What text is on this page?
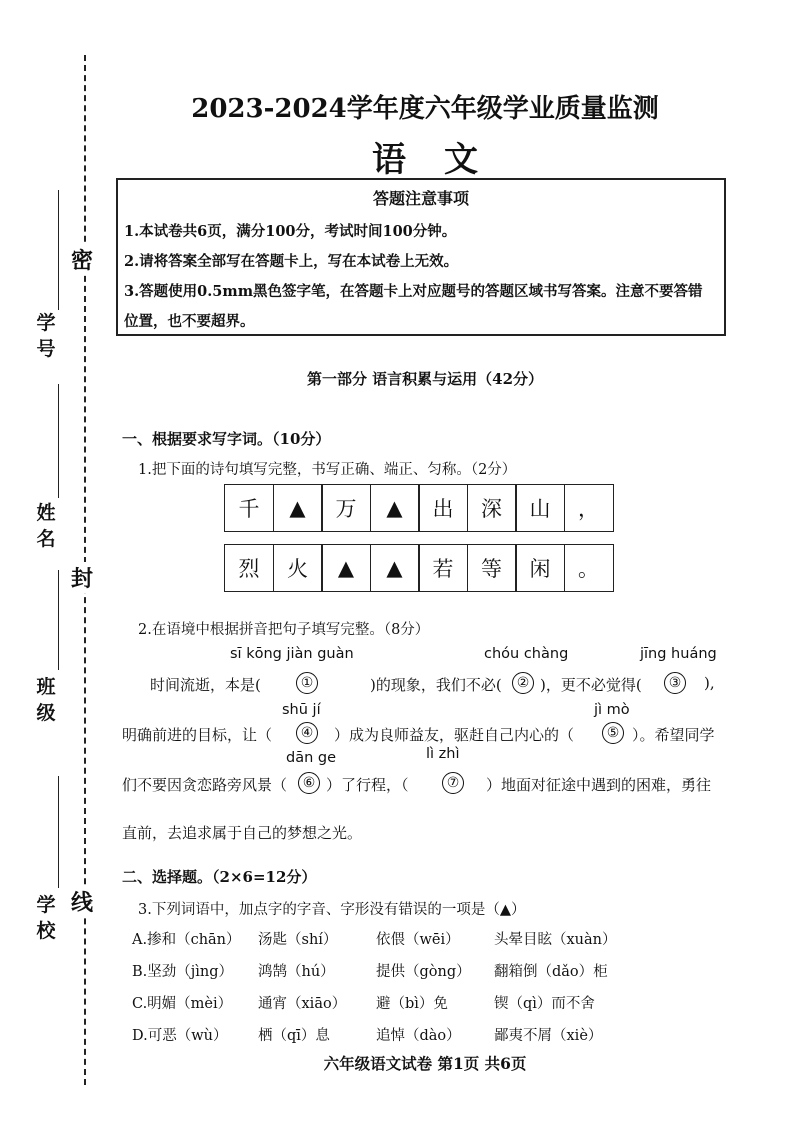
密
封
线
学号
姓名
班级
学校
2023-2024学年度六年级学业质量监测
语文
答题注意事项
1.本试卷共6页，满分100分，考试时间100分钟。
2.请将答案全部写在答题卡上，写在本试卷上无效。
3.答题使用0.5mm黑色签字笔，在答题卡上对应题号的答题区域书写答案。注意不要答错
位置，也不要超界。
第一部分 语言积累与运用（42分）
一、根据要求写字词。（10分）
1.把下面的诗句填写完整，书写正确、端正、匀称。（2分）
千	▲	万	▲	出	深	山	，
烈	火	▲	▲	若	等	闲	。
2.在语境中根据拼音把句子填写完整。（8分）
sī kōng jiàn guàn	chóu chàng	jīng huáng
时间流逝，本是(	①	)的现象，我们不必(	② )，更不必觉得(	③	),
shū jí	jì mò
明确前进的目标，让（	④	）成为良师益友，驱赶自己内心的（	⑤ ）。希望同学
dān ge	lì zhì
们不要因贪恋路旁风景（	⑥ ）了行程，（	⑦	）地面对征途中遇到的困难，勇往
直前，去追求属于自己的梦想之光。
二、选择题。（2×6=12分）
3.下列词语中，加点字的字音、字形没有错误的一项是（▲）
A.掺和（chān） 汤匙（shí）	依偎（wēi） 头晕目眩（xuàn）
B.坚劲（jìng） 鸿鹄（hú）	提供（gòng） 翻箱倒（dǎo）柜
C.明媚（mèi） 通宵（xiāo） 避（bì）免	锲（qì）而不舍
D.可恶（wù） 栖（qī）息	追悼（dào） 鄙夷不屑（xiè）
六年级语文试卷 第1页 共6页
